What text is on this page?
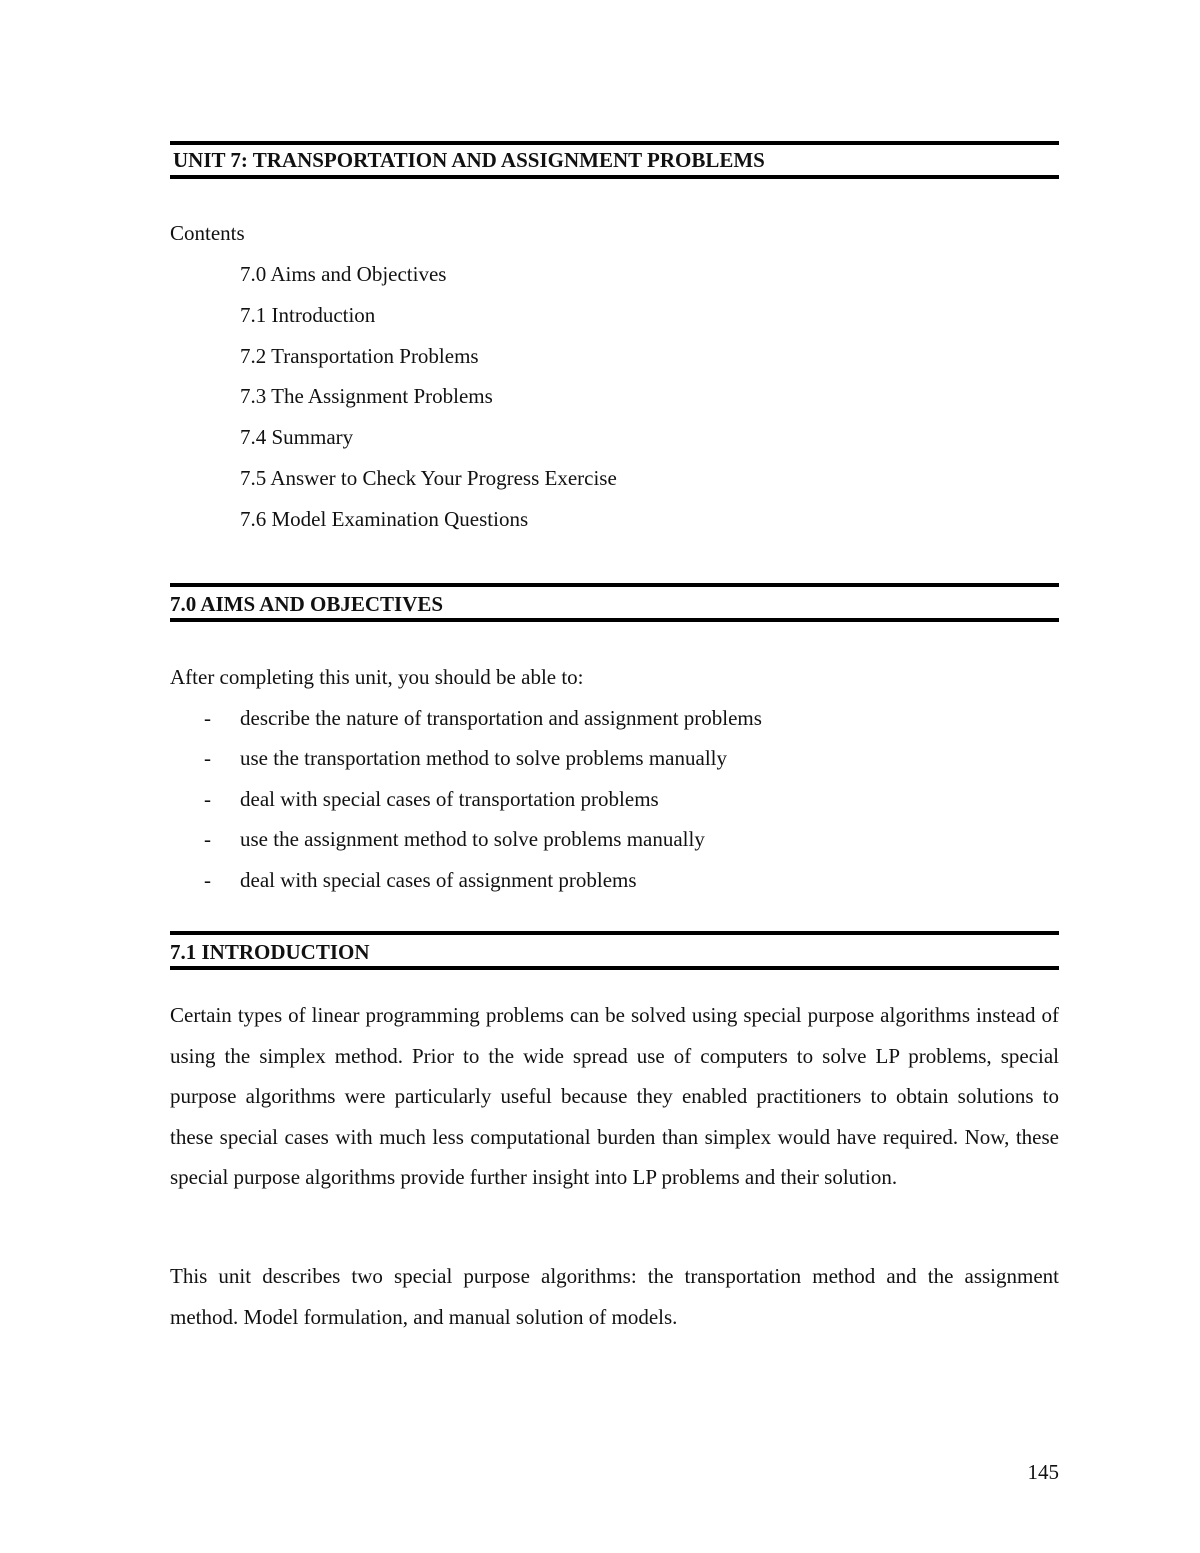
UNIT 7: TRANSPORTATION AND ASSIGNMENT PROBLEMS
Contents
7.0 Aims and Objectives
7.1 Introduction
7.2 Transportation Problems
7.3 The Assignment Problems
7.4 Summary
7.5 Answer to Check Your Progress Exercise
7.6 Model Examination Questions
7.0 AIMS AND OBJECTIVES
After completing this unit, you should be able to:
- describe the nature of transportation and assignment problems
- use the transportation method to solve problems manually
- deal with special cases of transportation problems
- use the assignment method to solve problems manually
- deal with special cases of assignment problems
7.1 INTRODUCTION

Certain types of linear programming problems can be solved using special purpose algorithms instead of using the simplex method. Prior to the wide spread use of computers to solve LP problems, special purpose algorithms were particularly useful because they enabled practitioners to obtain solutions to these special cases with much less computational burden than simplex would have required. Now, these special purpose algorithms provide further insight into LP problems and their solution.

This unit describes two special purpose algorithms: the transportation method and the assignment method. Model formulation, and manual solution of models.

145
